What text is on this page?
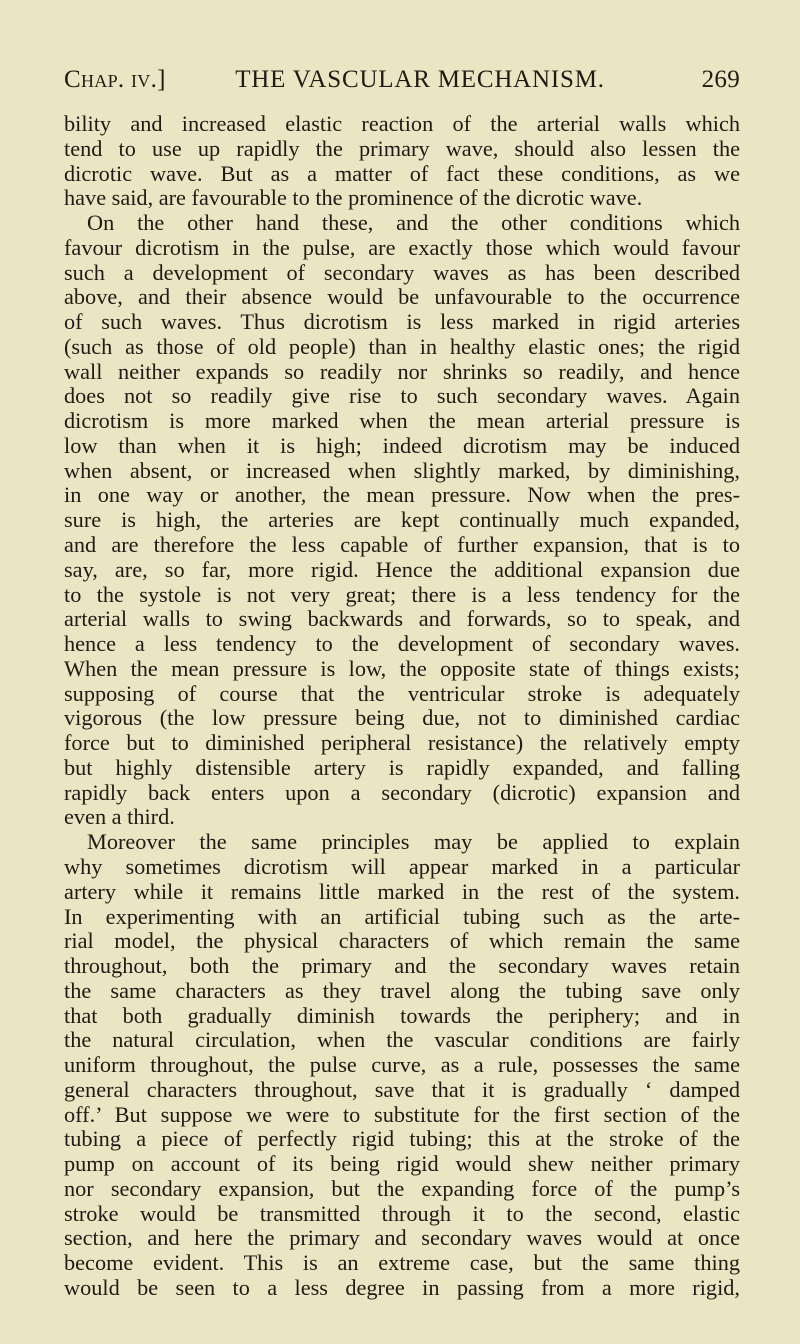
Chap. iv.]	THE VASCULAR MECHANISM.	269
bility and increased elastic reaction of the arterial walls which
tend to use up rapidly the primary wave, should also lessen the
dicrotic wave. But as a matter of fact these conditions, as we
have said, are favourable to the prominence of the dicrotic wave.
On the other hand these, and the other conditions which
favour dicrotism in the pulse, are exactly those which would favour
such a development of secondary waves as has been described
above, and their absence would be unfavourable to the occurrence
of such waves. Thus dicrotism is less marked in rigid arteries
(such as those of old people) than in healthy elastic ones; the rigid
wall neither expands so readily nor shrinks so readily, and hence
does not so readily give rise to such secondary waves. Again
dicrotism is more marked when the mean arterial pressure is
low than when it is high; indeed dicrotism may be induced
when absent, or increased when slightly marked, by diminishing,
in one way or another, the mean pressure. Now when the pres-
sure is high, the arteries are kept continually much expanded,
and are therefore the less capable of further expansion, that is to
say, are, so far, more rigid. Hence the additional expansion due
to the systole is not very great; there is a less tendency for the
arterial walls to swing backwards and forwards, so to speak, and
hence a less tendency to the development of secondary waves.
When the mean pressure is low, the opposite state of things exists;
supposing of course that the ventricular stroke is adequately
vigorous (the low pressure being due, not to diminished cardiac
force but to diminished peripheral resistance) the relatively empty
but highly distensible artery is rapidly expanded, and falling
rapidly back enters upon a secondary (dicrotic) expansion and
even a third.
Moreover the same principles may be applied to explain
why sometimes dicrotism will appear marked in a particular
artery while it remains little marked in the rest of the system.
In experimenting with an artificial tubing such as the arte-
rial model, the physical characters of which remain the same
throughout, both the primary and the secondary waves retain
the same characters as they travel along the tubing save only
that both gradually diminish towards the periphery; and in
the natural circulation, when the vascular conditions are fairly
uniform throughout, the pulse curve, as a rule, possesses the same
general characters throughout, save that it is gradually ‘ damped
off.’ But suppose we were to substitute for the first section of the
tubing a piece of perfectly rigid tubing; this at the stroke of the
pump on account of its being rigid would shew neither primary
nor secondary expansion, but the expanding force of the pump’s
stroke would be transmitted through it to the second, elastic
section, and here the primary and secondary waves would at once
become evident. This is an extreme case, but the same thing
would be seen to a less degree in passing from a more rigid,
